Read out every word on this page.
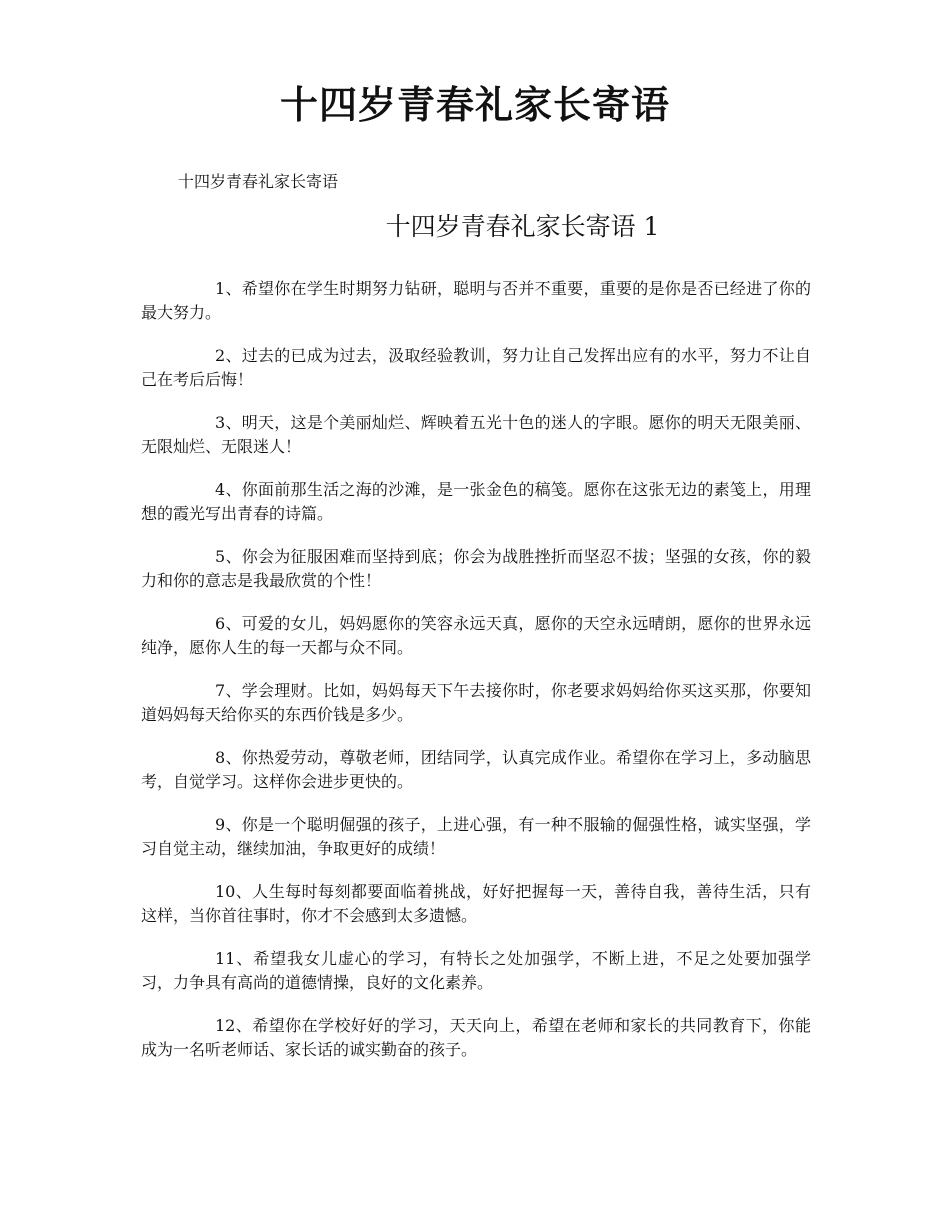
十四岁青春礼家长寄语

十四岁青春礼家长寄语

十四岁青春礼家长寄语 1

1、希望你在学生时期努力钻研，聪明与否并不重要，重要的是你是否已经进了你的最大努力。

2、过去的已成为过去，汲取经验教训，努力让自己发挥出应有的水平，努力不让自己在考后后悔！

3、明天，这是个美丽灿烂、辉映着五光十色的迷人的字眼。愿你的明天无限美丽、无限灿烂、无限迷人！

4、你面前那生活之海的沙滩，是一张金色的稿笺。愿你在这张无边的素笺上，用理想的霞光写出青春的诗篇。

5、你会为征服困难而坚持到底；你会为战胜挫折而坚忍不拔；坚强的女孩，你的毅力和你的意志是我最欣赏的个性！

6、可爱的女儿，妈妈愿你的笑容永远天真，愿你的天空永远晴朗，愿你的世界永远纯净，愿你人生的每一天都与众不同。

7、学会理财。比如，妈妈每天下午去接你时，你老要求妈妈给你买这买那，你要知道妈妈每天给你买的东西价钱是多少。

8、你热爱劳动，尊敬老师，团结同学，认真完成作业。希望你在学习上，多动脑思考，自觉学习。这样你会进步更快的。

9、你是一个聪明倔强的孩子，上进心强，有一种不服输的倔强性格，诚实坚强，学习自觉主动，继续加油，争取更好的成绩！

10、人生每时每刻都要面临着挑战，好好把握每一天，善待自我，善待生活，只有这样，当你首往事时，你才不会感到太多遗憾。

11、希望我女儿虚心的学习，有特长之处加强学，不断上进，不足之处要加强学习，力争具有高尚的道德情操，良好的文化素养。

12、希望你在学校好好的学习，天天向上，希望在老师和家长的共同教育下，你能成为一名听老师话、家长话的诚实勤奋的孩子。
